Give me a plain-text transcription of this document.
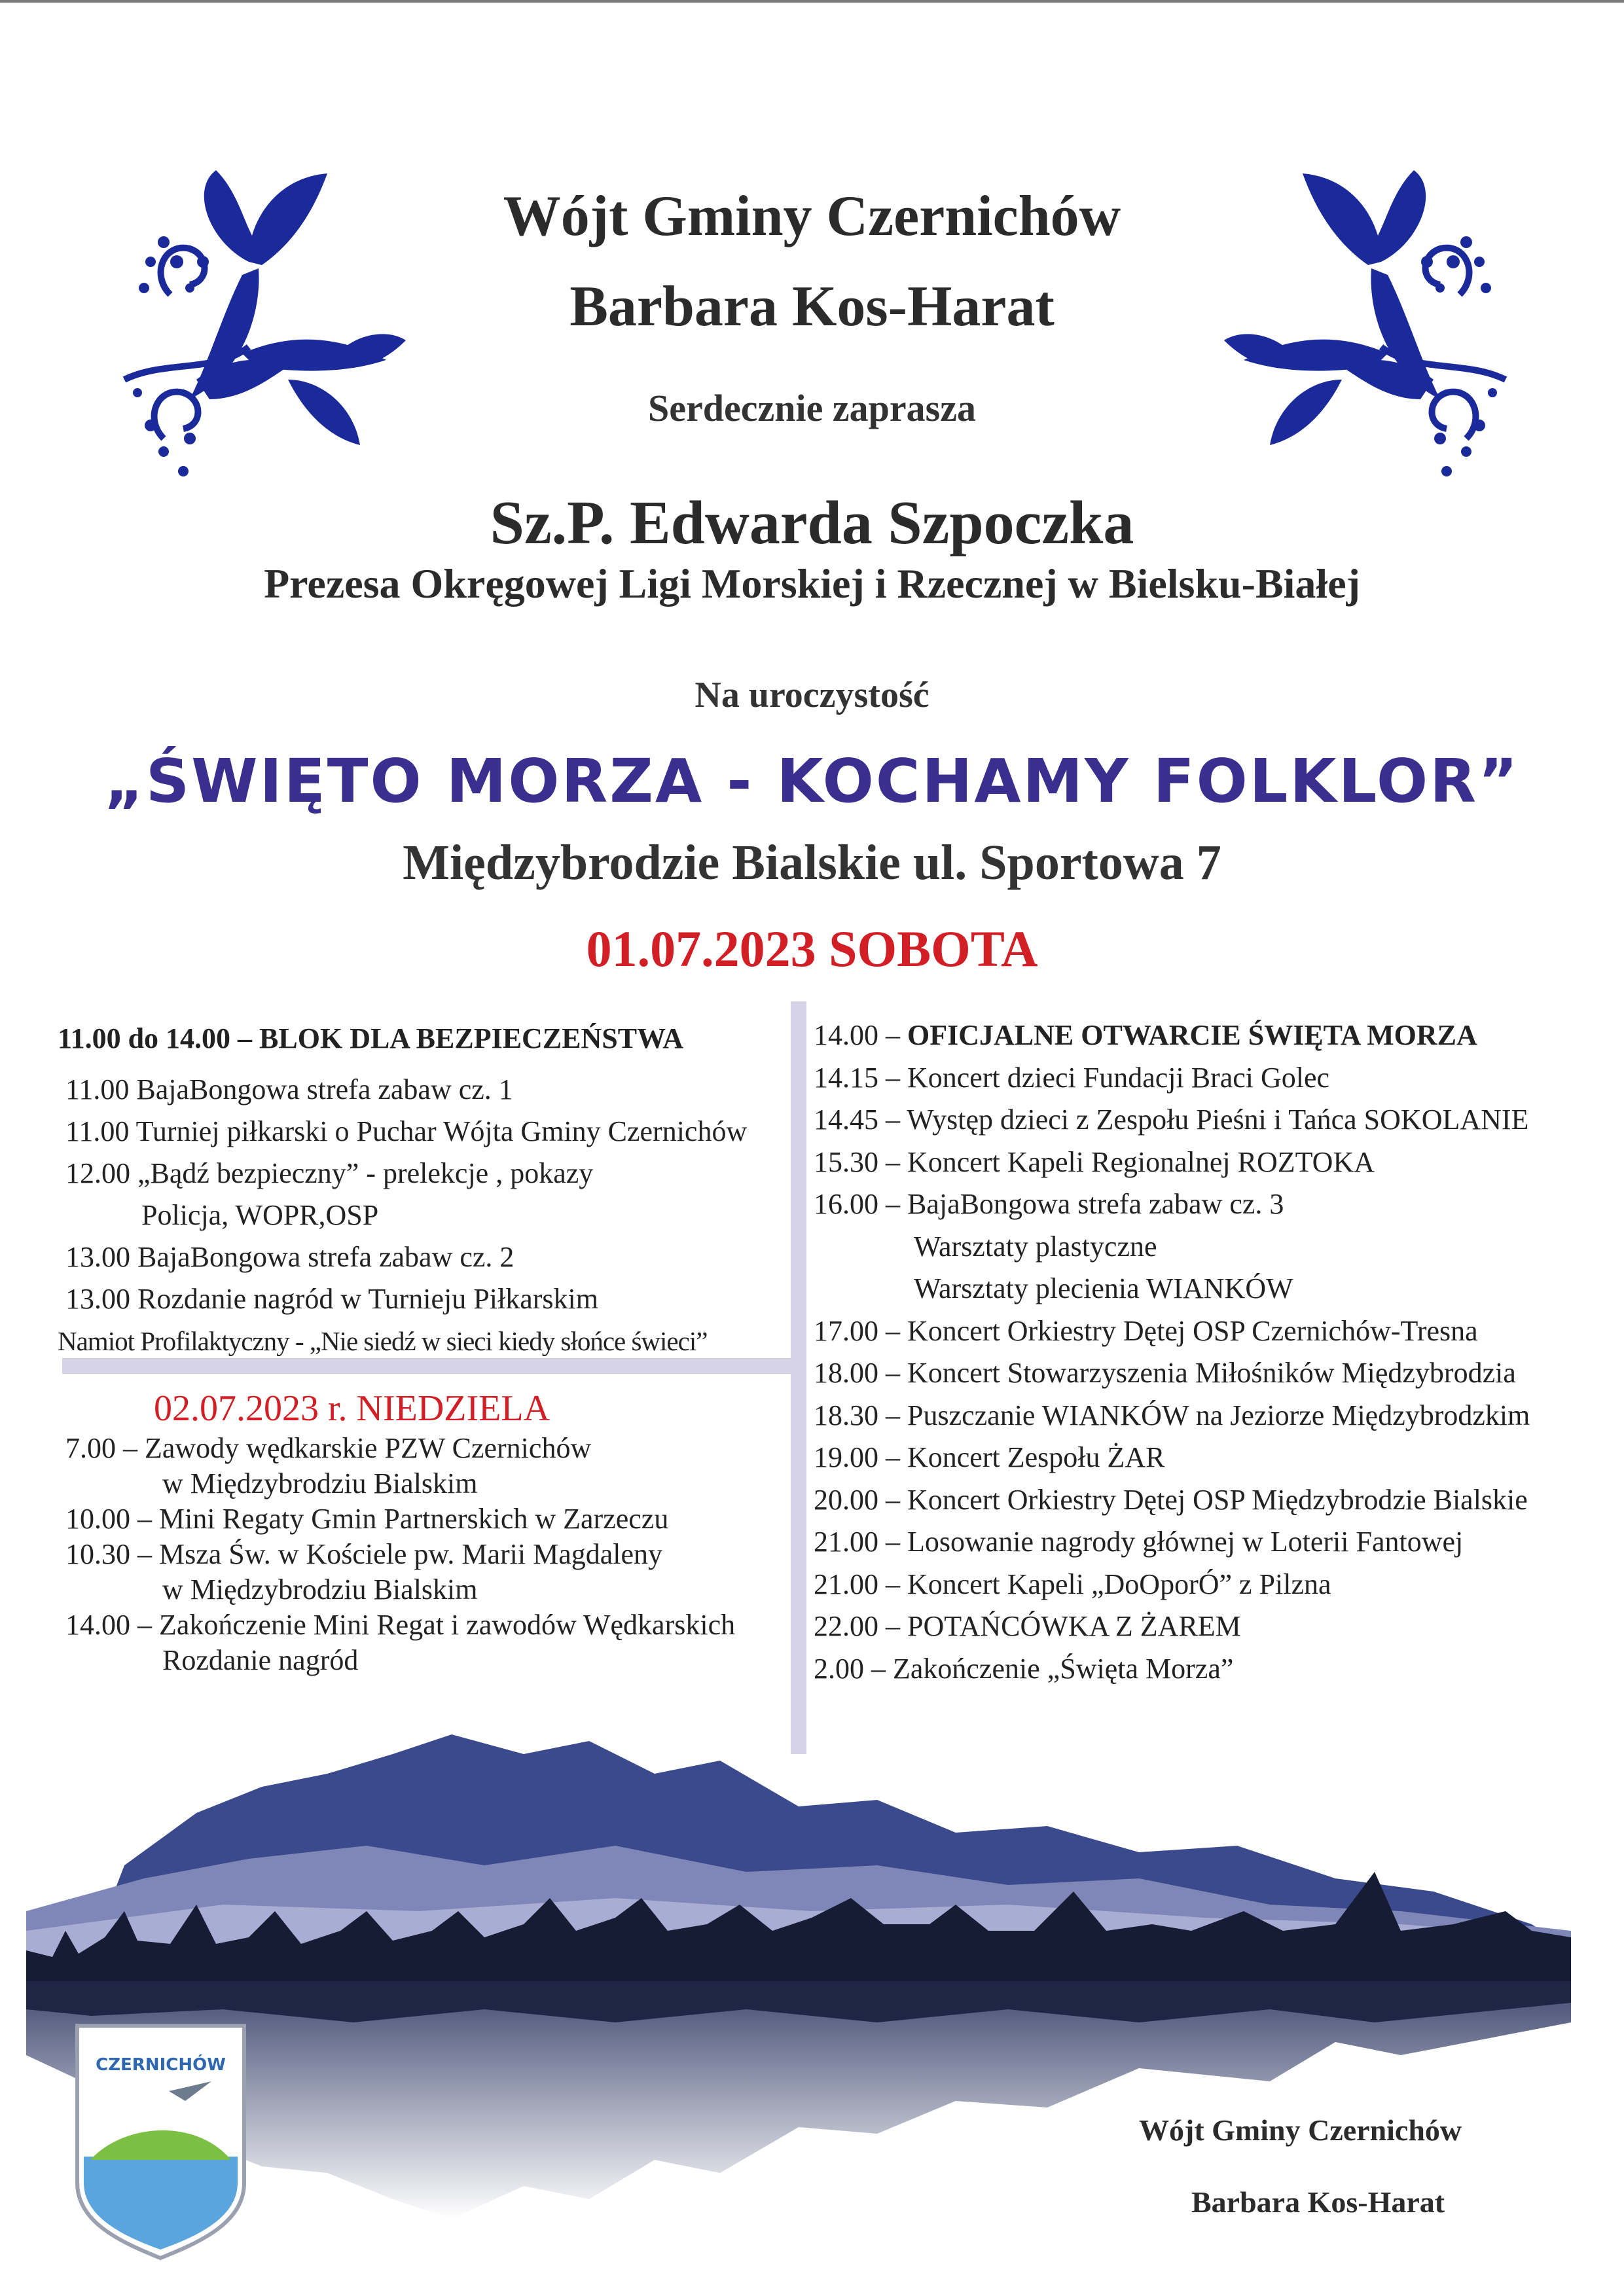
Wójt Gminy Czernichów
Barbara Kos-Harat
Serdecznie zaprasza
Sz.P. Edwarda Szpoczka
Prezesa Okręgowej Ligi Morskiej i Rzecznej w Bielsku-Białej
Na uroczystość
„ŚWIĘTO MORZA - KOCHAMY FOLKLOR”
Międzybrodzie Bialskie ul. Sportowa 7
01.07.2023 SOBOTA
11.00 do 14.00 – BLOK DLA BEZPIECZEŃSTWA
11.00 BajaBongowa strefa zabaw cz. 1
11.00 Turniej piłkarski o Puchar Wójta Gminy Czernichów
12.00 „Bądź bezpieczny” - prelekcje , pokazy
Policja, WOPR,OSP
13.00 BajaBongowa strefa zabaw cz. 2
13.00 Rozdanie nagród w Turnieju Piłkarskim
Namiot Profilaktyczny - „Nie siedź w sieci kiedy słońce świeci”
02.07.2023 r. NIEDZIELA
7.00 – Zawody wędkarskie PZW Czernichów
w Międzybrodziu Bialskim
10.00 – Mini Regaty Gmin Partnerskich w Zarzeczu
10.30 – Msza Św. w Kościele pw. Marii Magdaleny
w Międzybrodziu Bialskim
14.00 – Zakończenie Mini Regat i zawodów Wędkarskich
Rozdanie nagród
14.00 – OFICJALNE OTWARCIE ŚWIĘTA MORZA
14.15 – Koncert dzieci Fundacji Braci Golec
14.45 – Występ dzieci z Zespołu Pieśni i Tańca SOKOLANIE
15.30 – Koncert Kapeli Regionalnej ROZTOKA
16.00 – BajaBongowa strefa zabaw cz. 3
Warsztaty plastyczne
Warsztaty plecienia WIANKÓW
17.00 – Koncert Orkiestry Dętej OSP Czernichów-Tresna
18.00 – Koncert Stowarzyszenia Miłośników Międzybrodzia
18.30 – Puszczanie WIANKÓW na Jeziorze Międzybrodzkim
19.00 – Koncert Zespołu ŻAR
20.00 – Koncert Orkiestry Dętej OSP Międzybrodzie Bialskie
21.00 – Losowanie nagrody głównej w Loterii Fantowej
21.00 – Koncert Kapeli „DoOporÓ” z Pilzna
22.00 – POTAŃCÓWKA Z ŻAREM
2.00 – Zakończenie „Święta Morza”
CZERNICHÓW
Wójt Gminy Czernichów
Barbara Kos-Harat
